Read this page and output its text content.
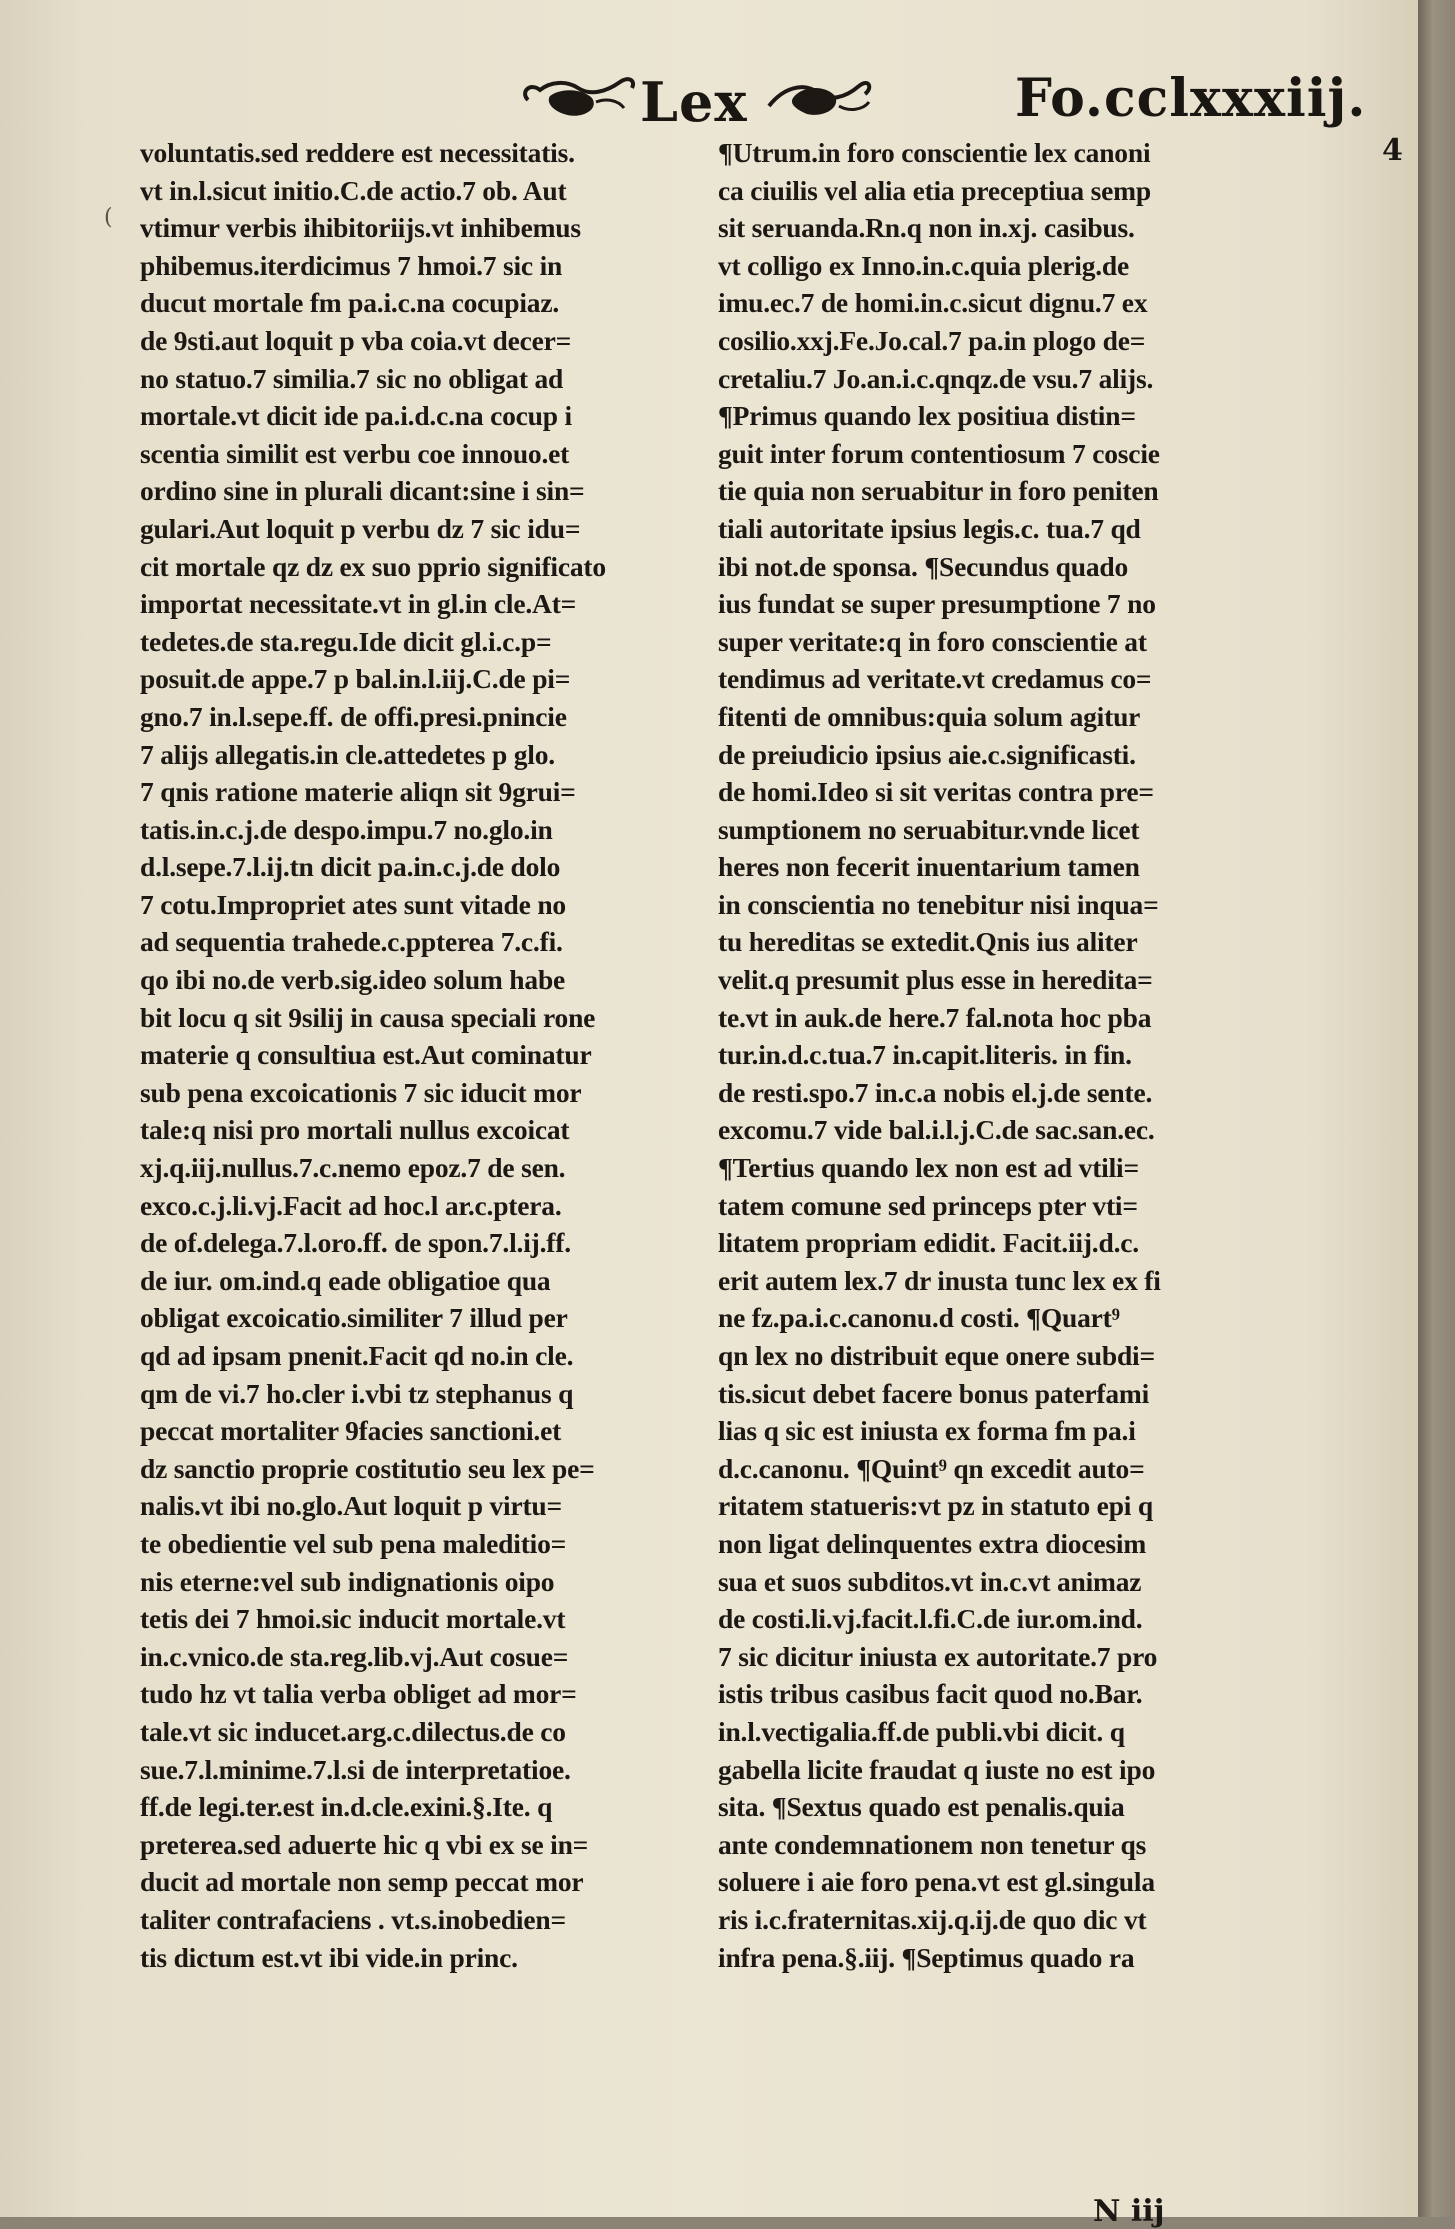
Lex	Fo.cclxxxiij.
4
(
voluntatis.sed reddere est necessitatis.
vt in.l.sicut initio.C.de actio.7 ob. Aut
vtimur verbis ihibitoriijs.vt inhibemus
phibemus.iterdicimus 7 hmoi.7 sic in
ducut mortale fm pa.i.c.na cocupiaz.
de 9sti.aut loquit p vba coia.vt decer=
no statuo.7 similia.7 sic no obligat ad
mortale.vt dicit ide pa.i.d.c.na cocup i
scentia similit est verbu coe innouo.et
ordino sine in plurali dicant:sine i sin=
gulari.Aut loquit p verbu dz 7 sic idu=
cit mortale qz dz ex suo pprio significato
importat necessitate.vt in gl.in cle.At=
tedetes.de sta.regu.Ide dicit gl.i.c.p=
posuit.de appe.7 p bal.in.l.iij.C.de pi=
gno.7 in.l.sepe.ff. de offi.presi.pnincie
7 alijs allegatis.in cle.attedetes p glo.
7 qnis ratione materie aliqn sit 9grui=
tatis.in.c.j.de despo.impu.7 no.glo.in
d.l.sepe.7.l.ij.tn dicit pa.in.c.j.de dolo
7 cotu.Impropriet ates sunt vitade no
ad sequentia trahede.c.ppterea 7.c.fi.
qo ibi no.de verb.sig.ideo solum habe
bit locu q sit 9silij in causa speciali rone
materie q consultiua est.Aut cominatur
sub pena excoicationis 7 sic iducit mor
tale:q nisi pro mortali nullus excoicat
xj.q.iij.nullus.7.c.nemo epoz.7 de sen.
exco.c.j.li.vj.Facit ad hoc.l ar.c.ptera.
de of.delega.7.l.oro.ff. de spon.7.l.ij.ff.
de iur. om.ind.q eade obligatioe qua
obligat excoicatio.similiter 7 illud per
qd ad ipsam pnenit.Facit qd no.in cle.
qm de vi.7 ho.cler i.vbi tz stephanus q
peccat mortaliter 9facies sanctioni.et
dz sanctio proprie costitutio seu lex pe=
nalis.vt ibi no.glo.Aut loquit p virtu=
te obedientie vel sub pena maleditio=
nis eterne:vel sub indignationis oipo
tetis dei 7 hmoi.sic inducit mortale.vt
in.c.vnico.de sta.reg.lib.vj.Aut cosue=
tudo hz vt talia verba obliget ad mor=
tale.vt sic inducet.arg.c.dilectus.de co
sue.7.l.minime.7.l.si de interpretatioe.
ff.de legi.ter.est in.d.cle.exini.§.Ite. q
preterea.sed aduerte hic q vbi ex se in=
ducit ad mortale non semp peccat mor
taliter contrafaciens . vt.s.inobedien=
tis dictum est.vt ibi vide.in princ.
¶Utrum.in foro conscientie lex canoni
ca ciuilis vel alia etia preceptiua semp
sit seruanda.Rn.q non in.xj. casibus.
vt colligo ex Inno.in.c.quia plerig.de
imu.ec.7 de homi.in.c.sicut dignu.7 ex
cosilio.xxj.Fe.Jo.cal.7 pa.in plogo de=
cretaliu.7 Jo.an.i.c.qnqz.de vsu.7 alijs.
¶Primus quando lex positiua distin=
guit inter forum contentiosum 7 coscie
tie quia non seruabitur in foro peniten
tiali autoritate ipsius legis.c. tua.7 qd
ibi not.de sponsa. ¶Secundus quado
ius fundat se super presumptione 7 no
super veritate:q in foro conscientie at
tendimus ad veritate.vt credamus co=
fitenti de omnibus:quia solum agitur
de preiudicio ipsius aie.c.significasti.
de homi.Ideo si sit veritas contra pre=
sumptionem no seruabitur.vnde licet
heres non fecerit inuentarium tamen
in conscientia no tenebitur nisi inqua=
tu hereditas se extedit.Qnis ius aliter
velit.q presumit plus esse in heredita=
te.vt in auk.de here.7 fal.nota hoc pba
tur.in.d.c.tua.7 in.capit.literis. in fin.
de resti.spo.7 in.c.a nobis el.j.de sente.
excomu.7 vide bal.i.l.j.C.de sac.san.ec.
¶Tertius quando lex non est ad vtili=
tatem comune sed princeps pter vti=
litatem propriam edidit. Facit.iij.d.c.
erit autem lex.7 dr inusta tunc lex ex fi
ne fz.pa.i.c.canonu.d costi. ¶Quart⁹
qn lex no distribuit eque onere subdi=
tis.sicut debet facere bonus paterfami
lias q sic est iniusta ex forma fm pa.i
d.c.canonu. ¶Quint⁹ qn excedit auto=
ritatem statueris:vt pz in statuto epi q
non ligat delinquentes extra diocesim
sua et suos subditos.vt in.c.vt animaz
de costi.li.vj.facit.l.fi.C.de iur.om.ind.
7 sic dicitur iniusta ex autoritate.7 pro
istis tribus casibus facit quod no.Bar.
in.l.vectigalia.ff.de publi.vbi dicit. q
gabella licite fraudat q iuste no est ipo
sita. ¶Sextus quado est penalis.quia
ante condemnationem non tenetur qs
soluere i aie foro pena.vt est gl.singula
ris i.c.fraternitas.xij.q.ij.de quo dic vt
infra pena.§.iij. ¶Septimus quado ra
N iij
